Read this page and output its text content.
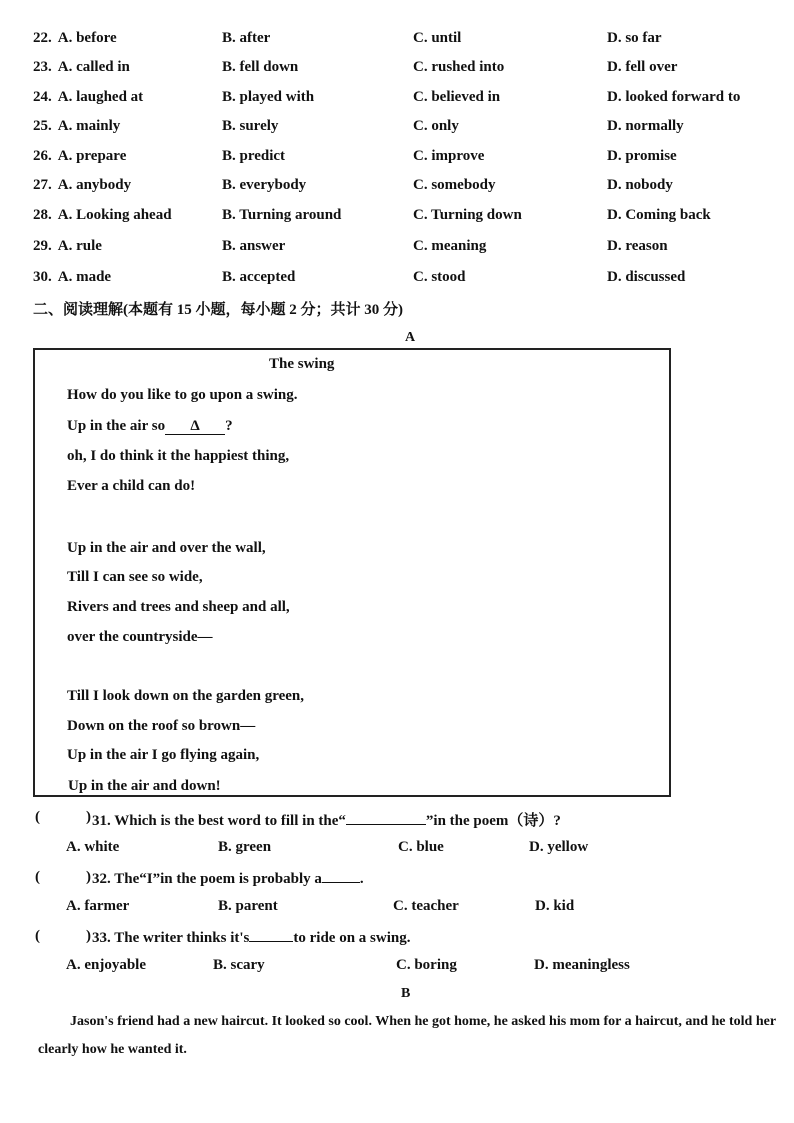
22. A. before	B. after	C. until	D. so far
23. A. called in	B. fell down	C. rushed into	D. fell over
24. A. laughed at	B. played with	C. believed in	D. looked forward to
25. A. mainly	B. surely	C. only	D. normally
26. A. prepare	B. predict	C. improve	D. promise
27. A. anybody	B. everybody	C. somebody	D. nobody
28. A. Looking ahead	B. Turning around	C. Turning down	D. Coming back
29. A. rule	B. answer	C. meaning	D. reason
30. A. made	B. accepted	C. stood	D. discussed
二、阅读理解(本题有 15 小题，每小题 2 分；共计 30 分)
A
The swing
How do you like to go upon a swing.
Up in the air so Δ ?
oh, I do think it the happiest thing,
Ever a child can do!
Up in the air and over the wall,
Till I can see so wide,
Rivers and trees and sheep and all,
over the countryside—
Till I look down on the garden green,
Down on the roof so brown—
Up in the air I go flying again,
Up in the air and down!
(	) 31. Which is the best word to fill in the“	”in the poem（诗）?
A. white	B. green	C. blue	D. yellow
(	) 32. The“I”in the poem is probably a	.
A. farmer	B. parent	C. teacher	D. kid
(	) 33. The writer thinks it's	to ride on a swing.
A. enjoyable	B. scary	C. boring	D. meaningless
B
Jason's friend had a new haircut. It looked so cool. When he got home, he asked his mom for a haircut, and he told her clearly how he wanted it.
